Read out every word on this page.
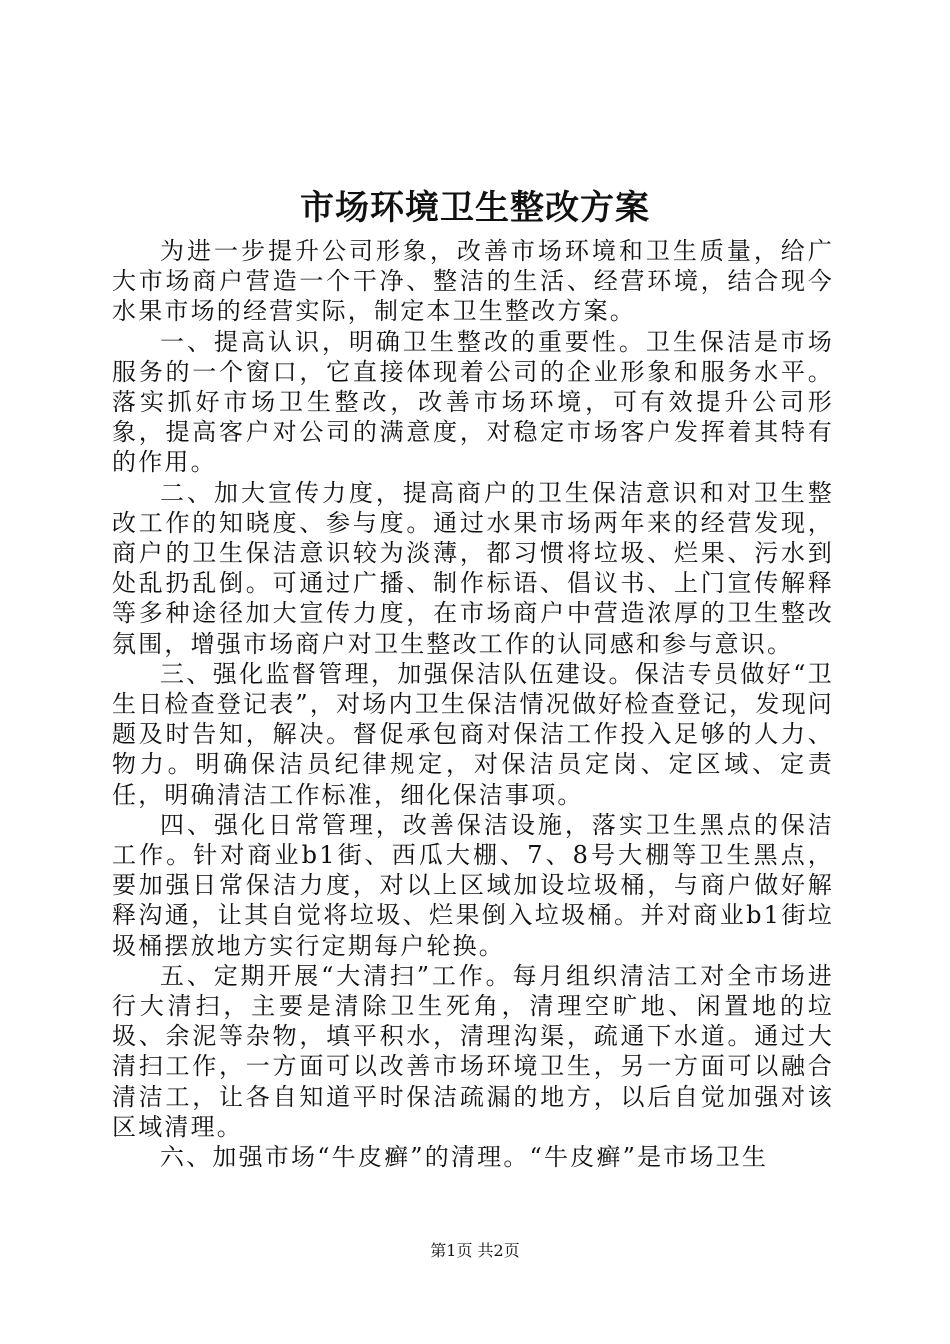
市场环境卫生整改方案

为进一步提升公司形象，改善市场环境和卫生质量，给广大市场商户营造一个干净、整洁的生活、经营环境，结合现今水果市场的经营实际，制定本卫生整改方案。

一、提高认识，明确卫生整改的重要性。卫生保洁是市场服务的一个窗口，它直接体现着公司的企业形象和服务水平。落实抓好市场卫生整改，改善市场环境，可有效提升公司形象，提高客户对公司的满意度，对稳定市场客户发挥着其特有的作用。

二、加大宣传力度，提高商户的卫生保洁意识和对卫生整改工作的知晓度、参与度。通过水果市场两年来的经营发现，商户的卫生保洁意识较为淡薄，都习惯将垃圾、烂果、污水到处乱扔乱倒。可通过广播、制作标语、倡议书、上门宣传解释等多种途径加大宣传力度，在市场商户中营造浓厚的卫生整改氛围，增强市场商户对卫生整改工作的认同感和参与意识。

三、强化监督管理，加强保洁队伍建设。保洁专员做好“卫生日检查登记表”，对场内卫生保洁情况做好检查登记，发现问题及时告知，解决。督促承包商对保洁工作投入足够的人力、物力。明确保洁员纪律规定，对保洁员定岗、定区域、定责任，明确清洁工作标准，细化保洁事项。

四、强化日常管理，改善保洁设施，落实卫生黑点的保洁工作。针对商业b1街、西瓜大棚、7、8号大棚等卫生黑点，要加强日常保洁力度，对以上区域加设垃圾桶，与商户做好解释沟通，让其自觉将垃圾、烂果倒入垃圾桶。并对商业b1街垃圾桶摆放地方实行定期每户轮换。

五、定期开展“大清扫”工作。每月组织清洁工对全市场进行大清扫，主要是清除卫生死角，清理空旷地、闲置地的垃圾、余泥等杂物，填平积水，清理沟渠，疏通下水道。通过大清扫工作，一方面可以改善市场环境卫生，另一方面可以融合清洁工，让各自知道平时保洁疏漏的地方，以后自觉加强对该区域清理。

六、加强市场“牛皮癣”的清理。“牛皮癣”是市场卫生

第1页 共2页
